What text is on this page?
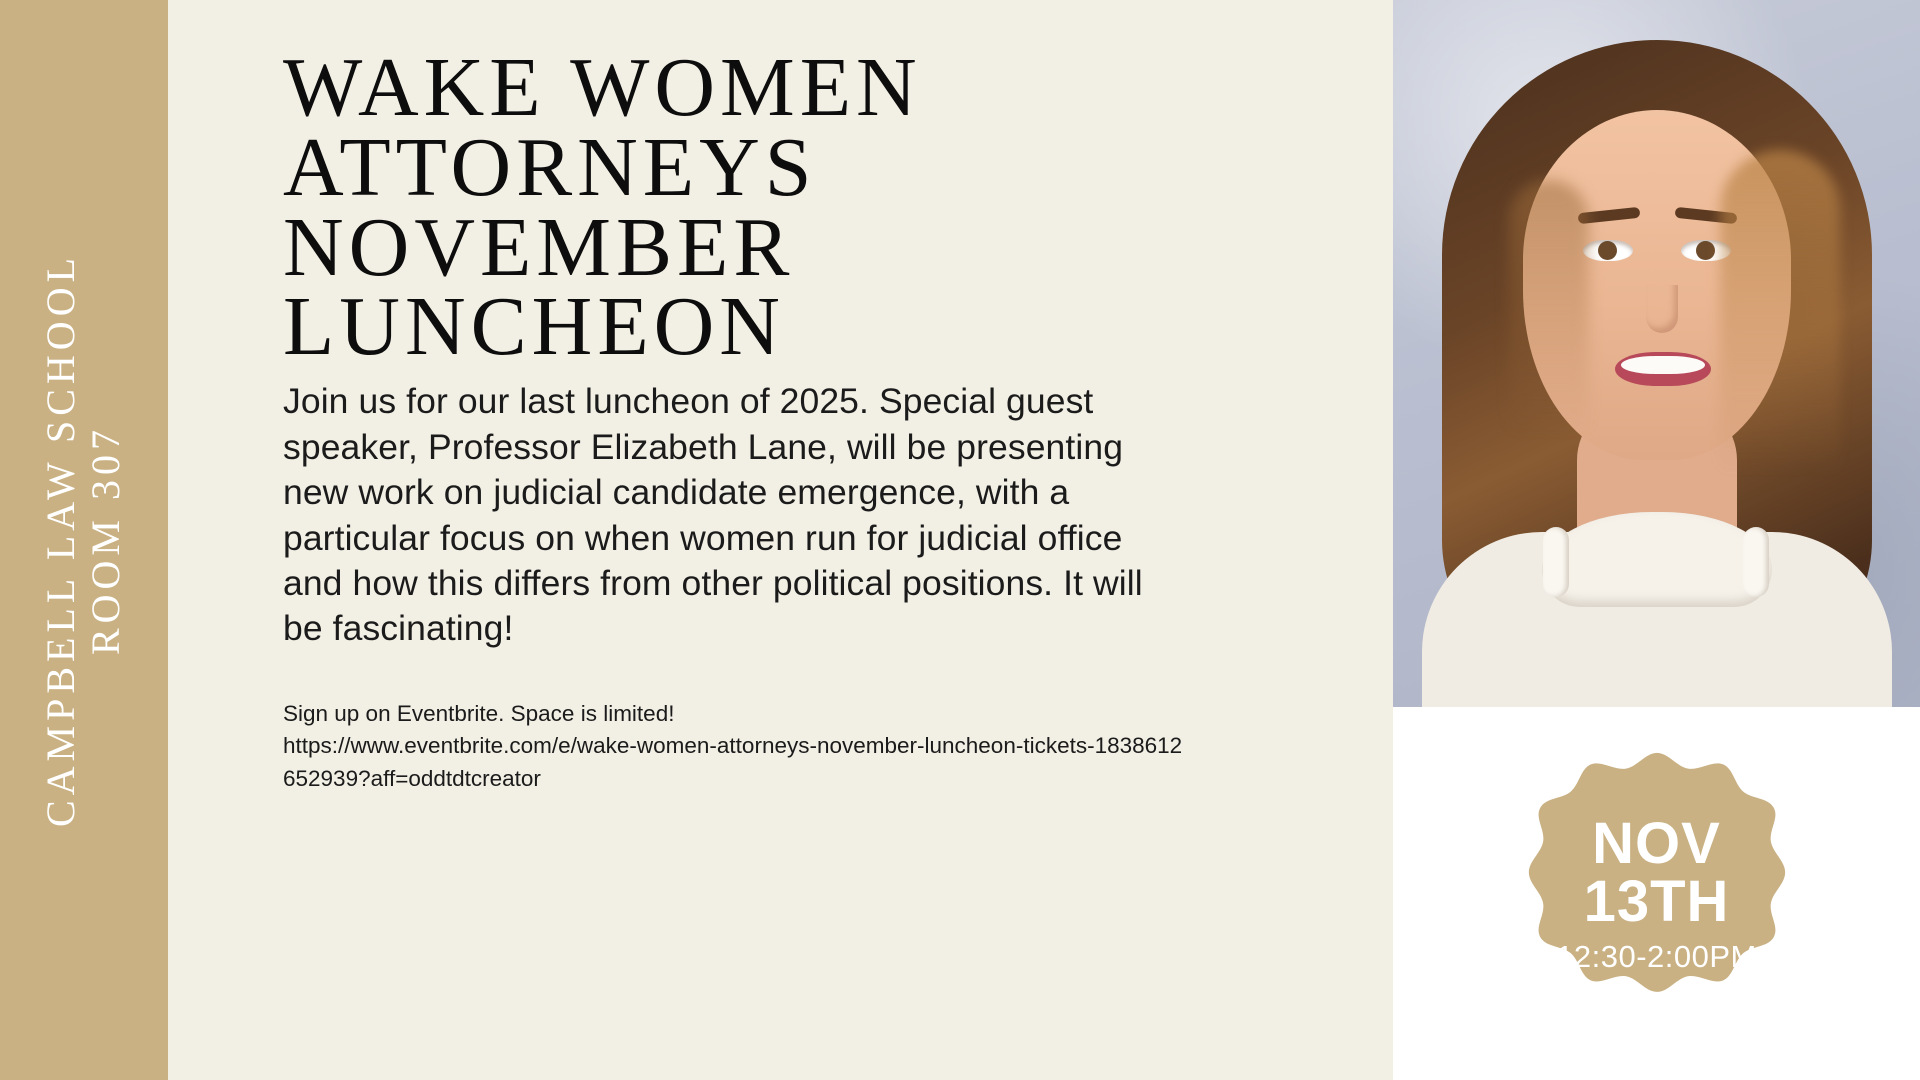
CAMPBELL LAW SCHOOL ROOM 307
WAKE WOMEN
ATTORNEYS
NOVEMBER
LUNCHEON

Join us for our last luncheon of 2025. Special guest speaker, Professor Elizabeth Lane, will be presenting new work on judicial candidate emergence, with a particular focus on when women run for judicial office and how this differs from other political positions. It will be fascinating!

Sign up on Eventbrite. Space is limited!
https://www.eventbrite.com/e/wake-women-attorneys-november-luncheon-tickets-1838612652939?aff=oddtdtcreator
NOV
13TH
12:30-2:00PM
